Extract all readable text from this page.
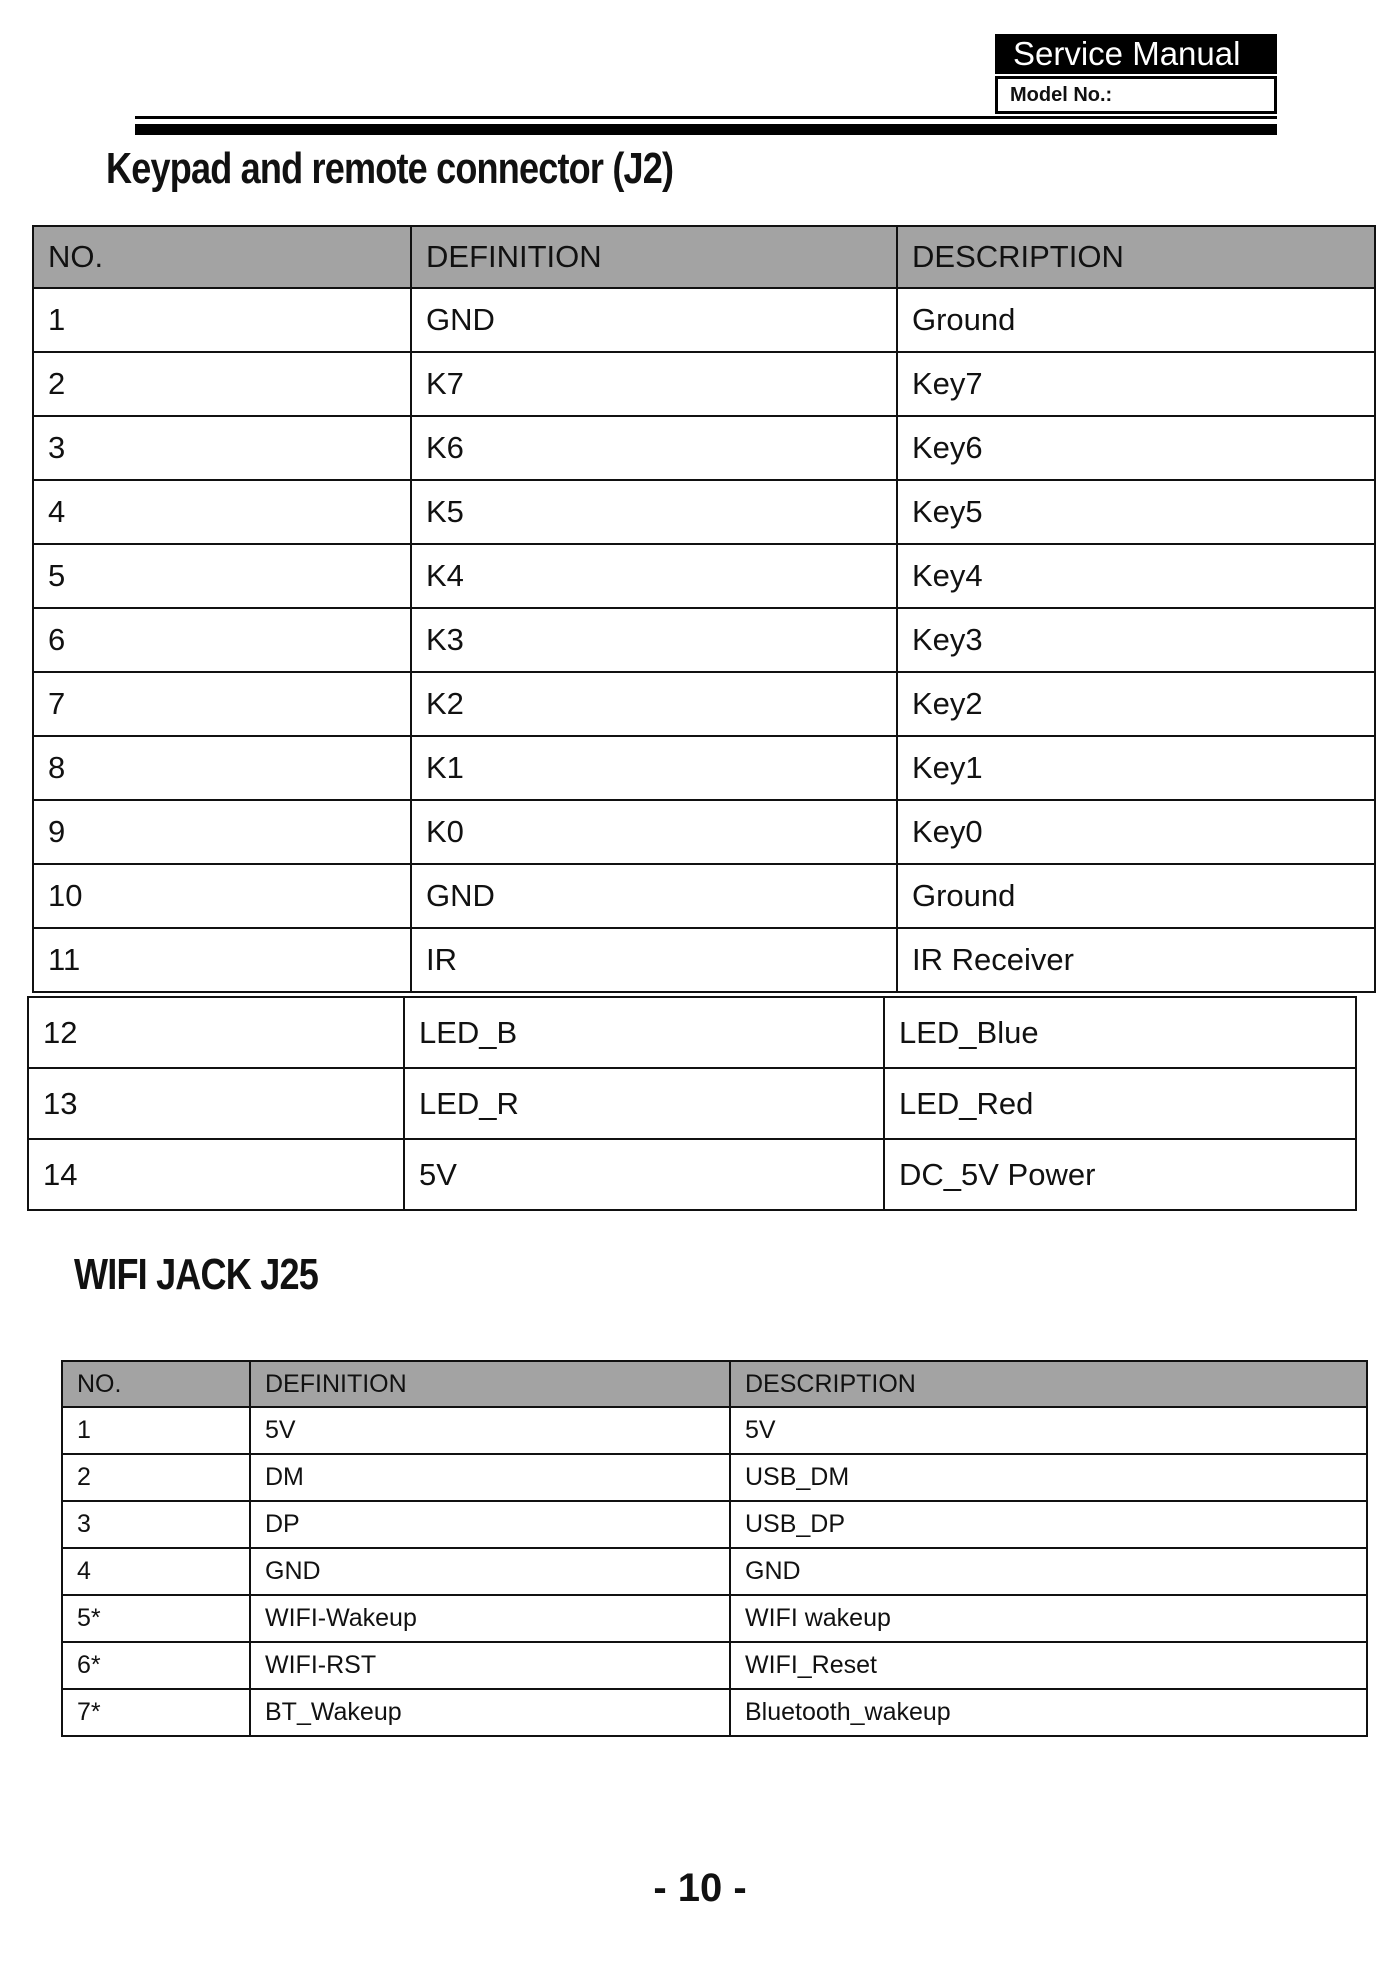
Service Manual
Model No.:
Keypad and remote connector (J2)
NO.	DEFINITION	DESCRIPTION
1	GND	Ground
2	K7	Key7
3	K6	Key6
4	K5	Key5
5	K4	Key4
6	K3	Key3
7	K2	Key2
8	K1	Key1
9	K0	Key0
10	GND	Ground
11	IR	IR Receiver
12	LED_B	LED_Blue
13	LED_R	LED_Red
14	5V	DC_5V Power
WIFI JACK J25
NO.	DEFINITION	DESCRIPTION
1	5V	5V
2	DM	USB_DM
3	DP	USB_DP
4	GND	GND
5*	WIFI-Wakeup	WIFI wakeup
6*	WIFI-RST	WIFI_Reset
7*	BT_Wakeup	Bluetooth_wakeup
- 10 -
